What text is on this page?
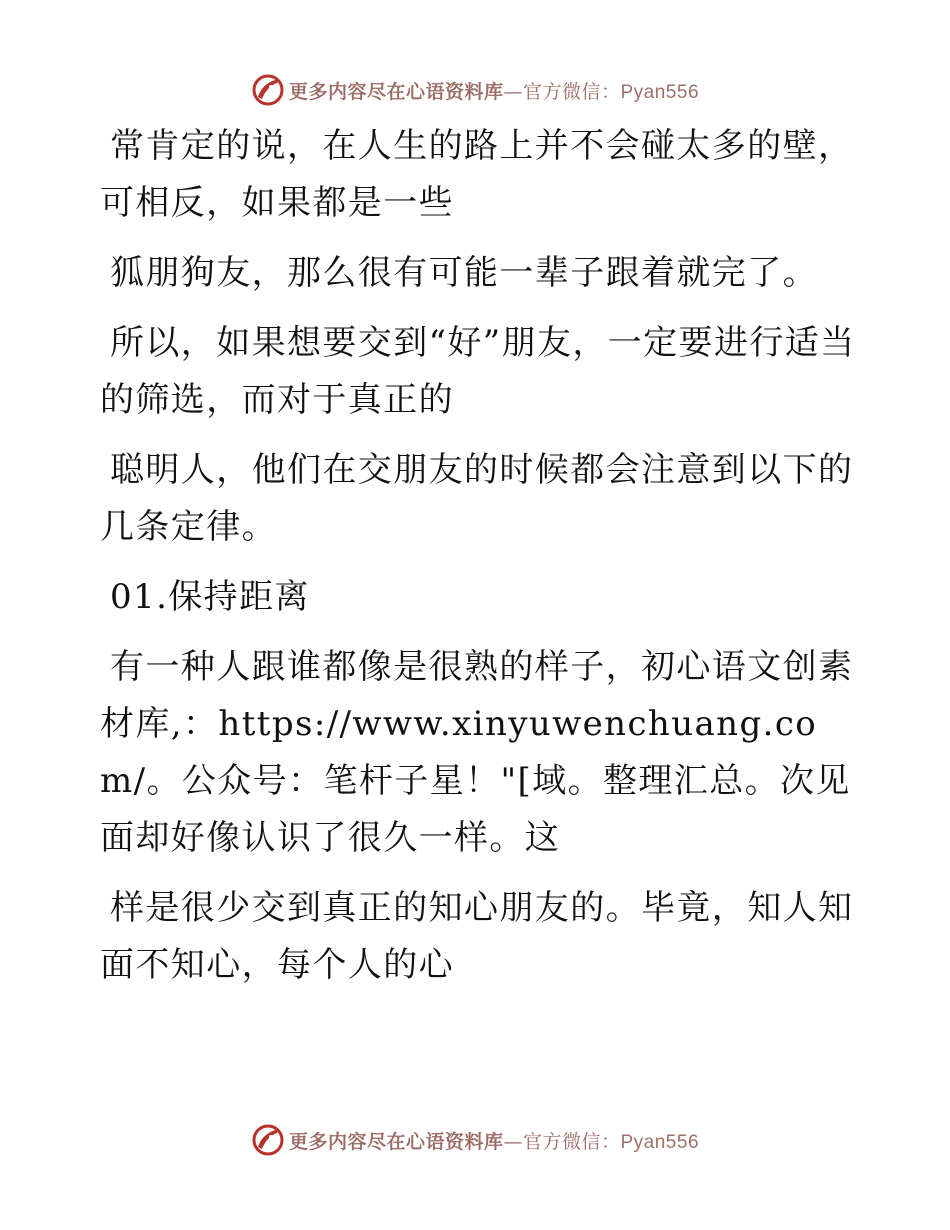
更多内容尽在心语资料库—官方微信：Pyan556

常肯定的说，在人生的路上并不会碰太多的壁，可相反，如果都是一些

狐朋狗友，那么很有可能一辈子跟着就完了。

所以，如果想要交到“好”朋友，一定要进行适当的筛选，而对于真正的

聪明人，他们在交朋友的时候都会注意到以下的几条定律。

01.保持距离

有一种人跟谁都像是很熟的样子，初心语文创素材库,：https://www.xinyuwenchuang.com/。公众号：笔杆子星！"[域。整理汇总。次见面却好像认识了很久一样。这

样是很少交到真正的知心朋友的。毕竟，知人知面不知心，每个人的心

更多内容尽在心语资料库—官方微信：Pyan556
